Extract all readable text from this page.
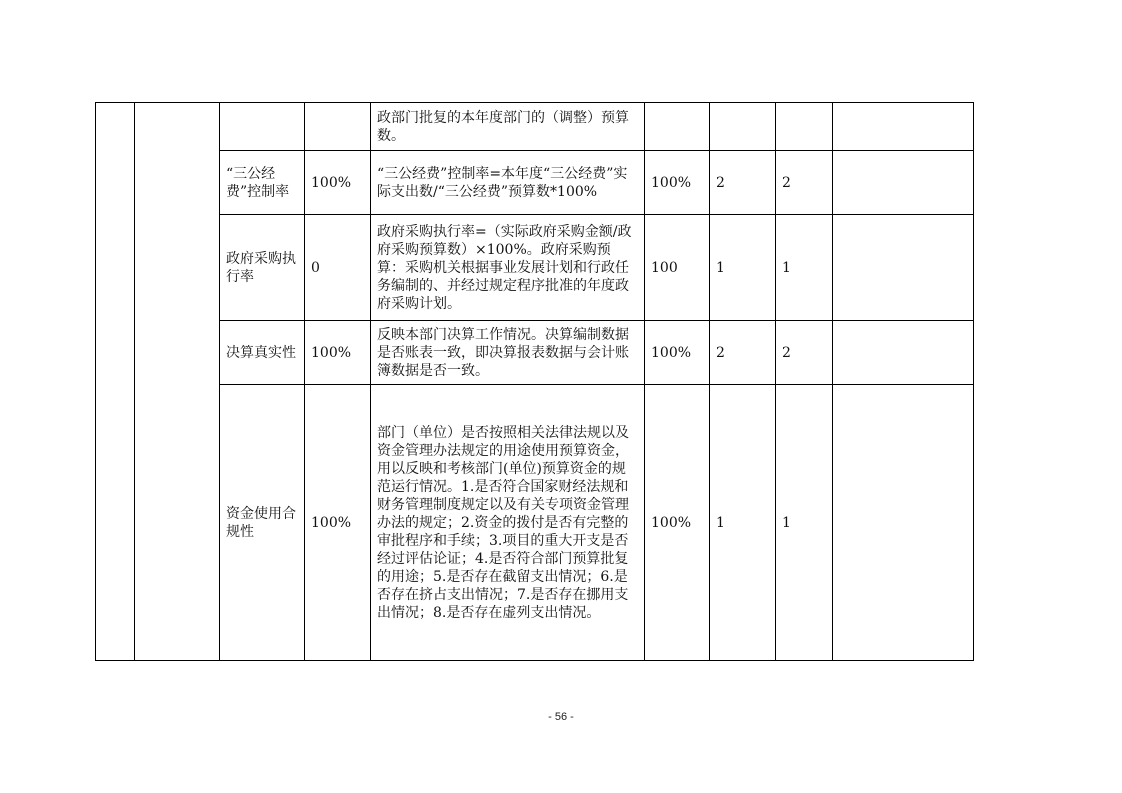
				政部门批复的本年度部门的（调整）预算数。				
		“三公经费”控制率	100%	“三公经费”控制率=本年度“三公经费”实际支出数/“三公经费”预算数*100%	100%	2	2	
		政府采购执行率	0	政府采购执行率=（实际政府采购金额/政府采购预算数）×100%。政府采购预算：采购机关根据事业发展计划和行政任务编制的、并经过规定程序批准的年度政府采购计划。	100	1	1	
		决算真实性	100%	反映本部门决算工作情况。决算编制数据是否账表一致，即决算报表数据与会计账簿数据是否一致。	100%	2	2	
		资金使用合规性	100%	部门（单位）是否按照相关法律法规以及资金管理办法规定的用途使用预算资金，用以反映和考核部门(单位)预算资金的规范运行情况。1.是否符合国家财经法规和财务管理制度规定以及有关专项资金管理办法的规定；2.资金的拨付是否有完整的审批程序和手续；3.项目的重大开支是否经过评估论证；4.是否符合部门预算批复的用途；5.是否存在截留支出情况；6.是否存在挤占支出情况；7.是否存在挪用支出情况；8.是否存在虚列支出情况。	100%	1	1	
- 56 -
